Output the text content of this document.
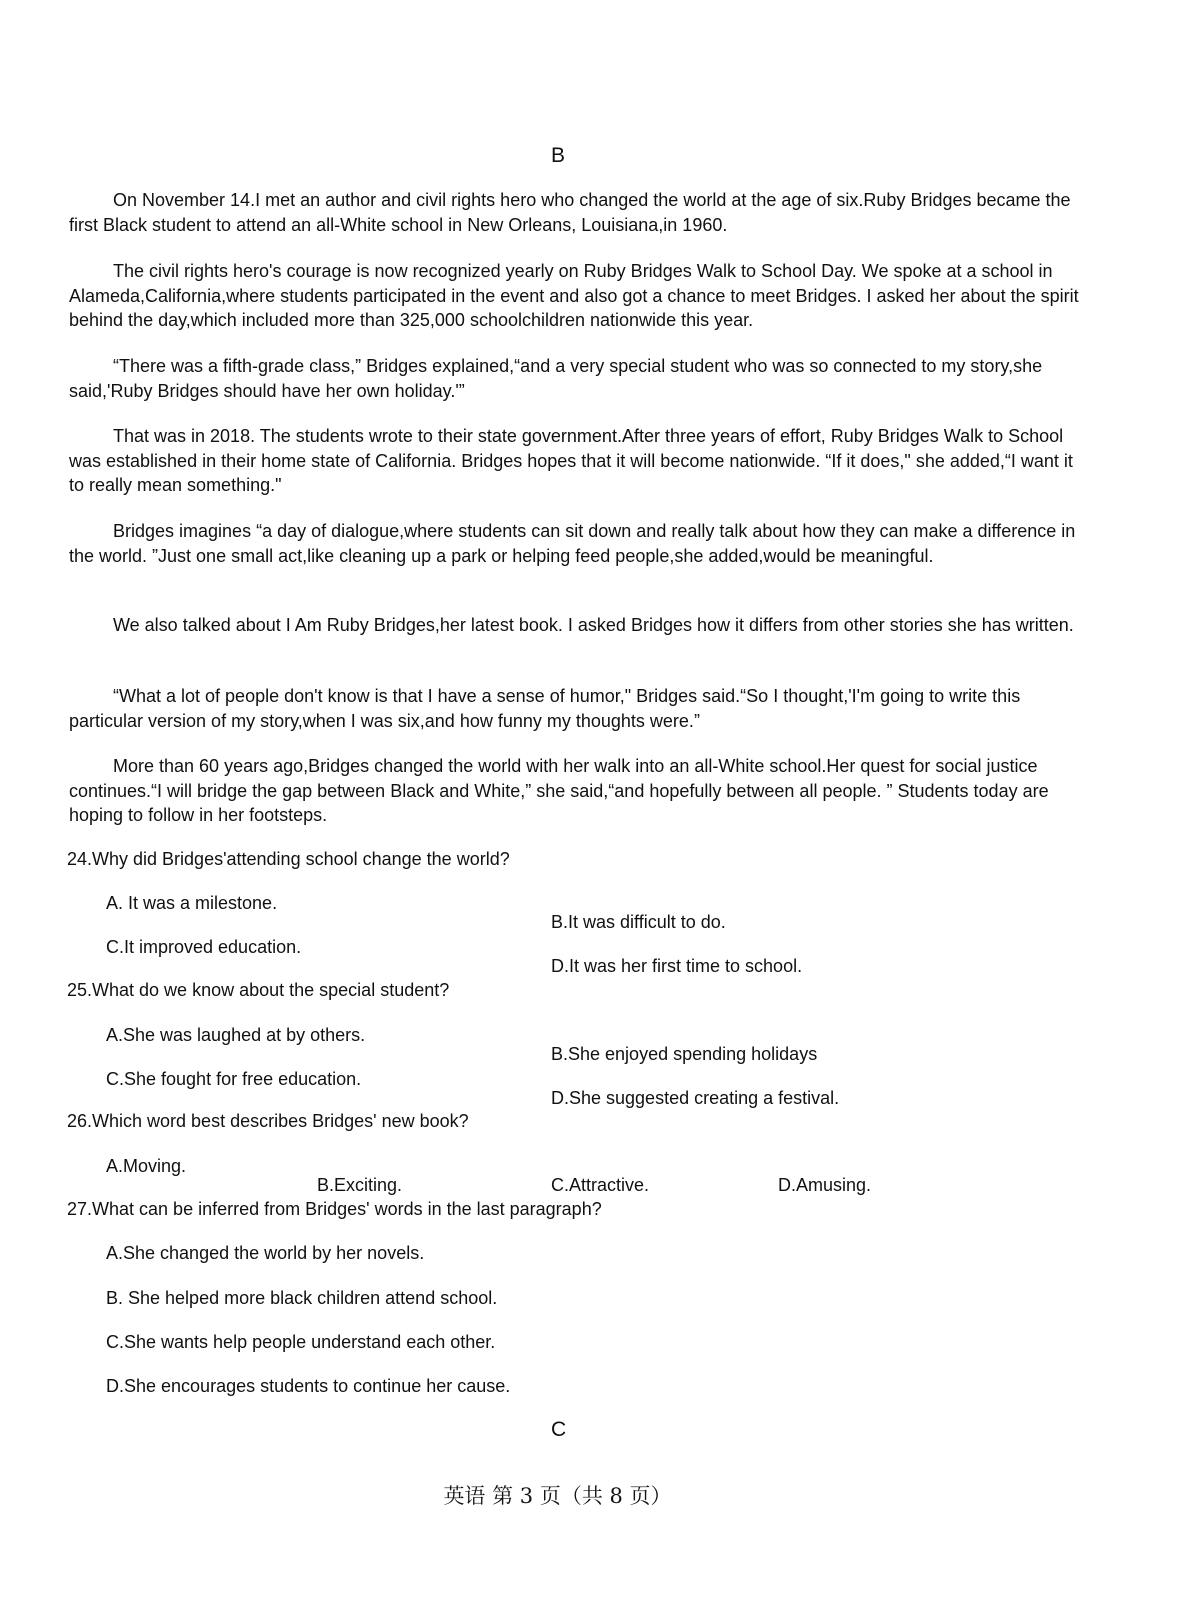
B
On November 14.I met an author and civil rights hero who changed the world at the age of six.Ruby Bridges became the first Black student to attend an all-White school in New Orleans, Louisiana,in 1960.
The civil rights hero's courage is now recognized yearly on Ruby Bridges Walk to School Day. We spoke at a school in Alameda,California,where students participated in the event and also got a chance to meet Bridges. I asked her about the spirit behind the day,which included more than 325,000 schoolchildren nationwide this year.
“There was a fifth-grade class,” Bridges explained,“and a very special student who was so connected to my story,she said,'Ruby Bridges should have her own holiday.'”
That was in 2018. The students wrote to their state government.After three years of effort, Ruby Bridges Walk to School was established in their home state of California. Bridges hopes that it will become nationwide. “If it does," she added,“I want it to really mean something."
Bridges imagines “a day of dialogue,where students can sit down and really talk about how they can make a difference in the world. ”Just one small act,like cleaning up a park or helping feed people,she added,would be meaningful.
We also talked about I Am Ruby Bridges,her latest book. I asked Bridges how it differs from other stories she has written.
“What a lot of people don't know is that I have a sense of humor," Bridges said.“So I thought,'I'm going to write this particular version of my story,when I was six,and how funny my thoughts were.”
More than 60 years ago,Bridges changed the world with her walk into an all-White school.Her quest for social justice continues.“I will bridge the gap between Black and White,” she said,“and hopefully between all people. ” Students today are hoping to follow in her footsteps.
24.Why did Bridges'attending school change the world?
A. It was a milestone.
B.It was difficult to do.
C.It improved education.
D.It was her first time to school.
25.What do we know about the special student?
A.She was laughed at by others.
B.She enjoyed spending holidays
C.She fought for free education.
D.She suggested creating a festival.
26.Which word best describes Bridges' new book?
A.Moving.
B.Exciting.	C.Attractive.	D.Amusing.
27.What can be inferred from Bridges' words in the last paragraph?
A.She changed the world by her novels.
B. She helped more black children attend school.
C.She wants help people understand each other.
D.She encourages students to continue her cause.
C
英语 第 3 页（共 8 页）
